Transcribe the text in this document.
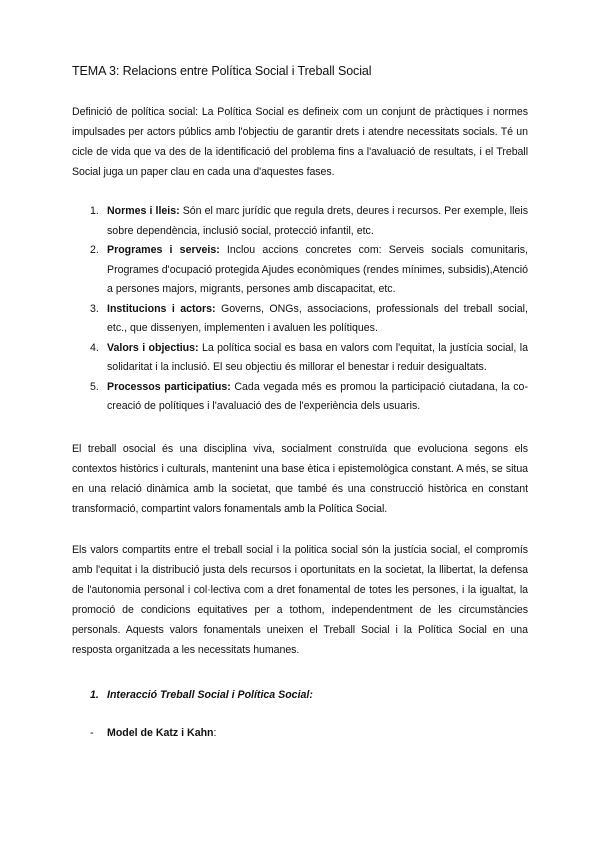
TEMA 3: Relacions entre Política Social i Treball Social

Definició de política social: La Política Social es defineix com un conjunt de pràctiques i normes impulsades per actors públics amb l'objectiu de garantir drets i atendre necessitats socials. Té un cicle de vida que va des de la identificació del problema fins a l'avaluació de resultats, i el Treball Social juga un paper clau en cada una d'aquestes fases.

1. Normes i lleis: Són el marc jurídic que regula drets, deures i recursos. Per exemple, lleis sobre dependència, inclusió social, protecció infantil, etc.
2. Programes i serveis: Inclou accions concretes com: Serveis socials comunitaris, Programes d'ocupació protegida Ajudes econòmiques (rendes mínimes, subsidis),Atenció a persones majors, migrants, persones amb discapacitat, etc.
3. Institucions i actors: Governs, ONGs, associacions, professionals del treball social, etc., que dissenyen, implementen i avaluen les polítiques.
4. Valors i objectius: La política social es basa en valors com l'equitat, la justícia social, la solidaritat i la inclusió. El seu objectiu és millorar el benestar i reduir desigualtats.
5. Processos participatius: Cada vegada més es promou la participació ciutadana, la co-creació de polítiques i l'avaluació des de l'experiència dels usuaris.

El treball osocial és una disciplina viva, socialment construïda que evoluciona segons els contextos històrics i culturals, mantenint una base ètica i epistemològica constant. A més, se situa en una relació dinàmica amb la societat, que també és una construcció històrica en constant transformació, compartint valors fonamentals amb la Política Social.

Els valors compartits entre el treball social i la politica social són la justícia social, el compromís amb l'equitat i la distribució justa dels recursos i oportunitats en la societat, la llibertat, la defensa de l'autonomia personal i col·lectiva com a dret fonamental de totes les persones, i la igualtat, la promoció de condicions equitatives per a tothom, independentment de les circumstàncies personals. Aquests valors fonamentals uneixen el Treball Social i la Política Social en una resposta organitzada a les necessitats humanes.

1. Interacció Treball Social i Política Social:
- Model de Katz i Kahn:
